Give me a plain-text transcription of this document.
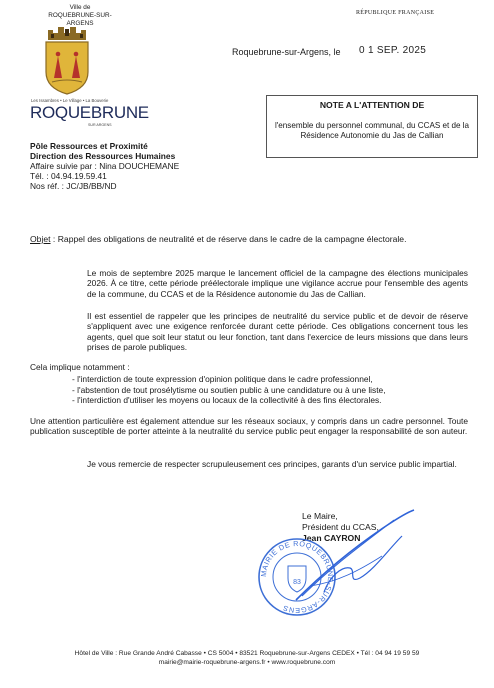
Ville de
ROQUEBRUNE-SUR-ARGENS
Les Issambres • Le Village • La Bouverie
ROQUEBRUNE
SUR ARGENS
RÉPUBLIQUE FRANÇAISE
Roquebrune-sur-Argens, le 0 1 SEP. 2025
NOTE A L'ATTENTION DE
l'ensemble du personnel communal, du CCAS et de la Résidence Autonomie du Jas de Callian
Pôle Ressources et Proximité
Direction des Ressources Humaines
Affaire suivie par : Nina DOUCHEMANE
Tél. : 04.94.19.59.41
Nos réf. : JC/JB/BB/ND
Objet : Rappel des obligations de neutralité et de réserve dans le cadre de la campagne électorale.
Le mois de septembre 2025 marque le lancement officiel de la campagne des élections municipales 2026. À ce titre, cette période préélectorale implique une vigilance accrue pour l'ensemble des agents de la commune, du CCAS et de la Résidence autonomie du Jas de Callian.
Il est essentiel de rappeler que les principes de neutralité du service public et de devoir de réserve s'appliquent avec une exigence renforcée durant cette période. Ces obligations concernent tous les agents, quel que soit leur statut ou leur fonction, tant dans l'exercice de leurs missions que dans leurs prises de parole publiques.
Cela implique notamment :
- l'interdiction de toute expression d'opinion politique dans le cadre professionnel,
- l'abstention de tout prosélytisme ou soutien public à une candidature ou à une liste,
- l'interdiction d'utiliser les moyens ou locaux de la collectivité à des fins électorales.
Une attention particulière est également attendue sur les réseaux sociaux, y compris dans un cadre personnel. Toute publication susceptible de porter atteinte à la neutralité du service public peut engager la responsabilité de son auteur.
Je vous remercie de respecter scrupuleusement ces principes, garants d'un service public impartial.
Le Maire,
Président du CCAS,
Jean CAYRON
MAIRIE DE ROQUEBRUNE-SUR-ARGENS
83
Hôtel de Ville : Rue Grande André Cabasse • CS 5004 • 83521 Roquebrune-sur-Argens CEDEX • Tél : 04 94 19 59 59
mairie@mairie-roquebrune-argens.fr • www.roquebrune.com
